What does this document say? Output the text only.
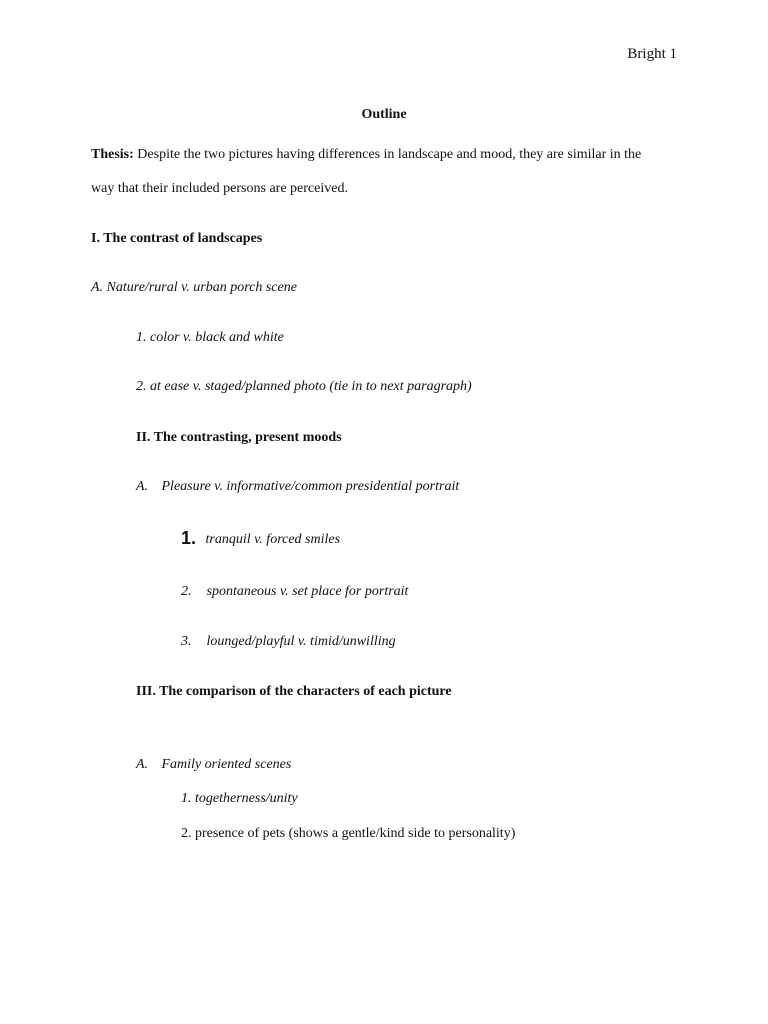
Bright 1
Outline
Thesis: Despite the two pictures having differences in landscape and mood, they are similar in the
way that their included persons are perceived.
I. The contrast of landscapes
A. Nature/rural v. urban porch scene
1. color v. black and white
2. at ease v. staged/planned photo (tie in to next paragraph)
II. The contrasting, present moods
A. Pleasure v. informative/common presidential portrait
1. tranquil v. forced smiles
2. spontaneous v. set place for portrait
3. lounged/playful v. timid/unwilling
III. The comparison of the characters of each picture
A. Family oriented scenes
1. togetherness/unity
2. presence of pets (shows a gentle/kind side to personality)
